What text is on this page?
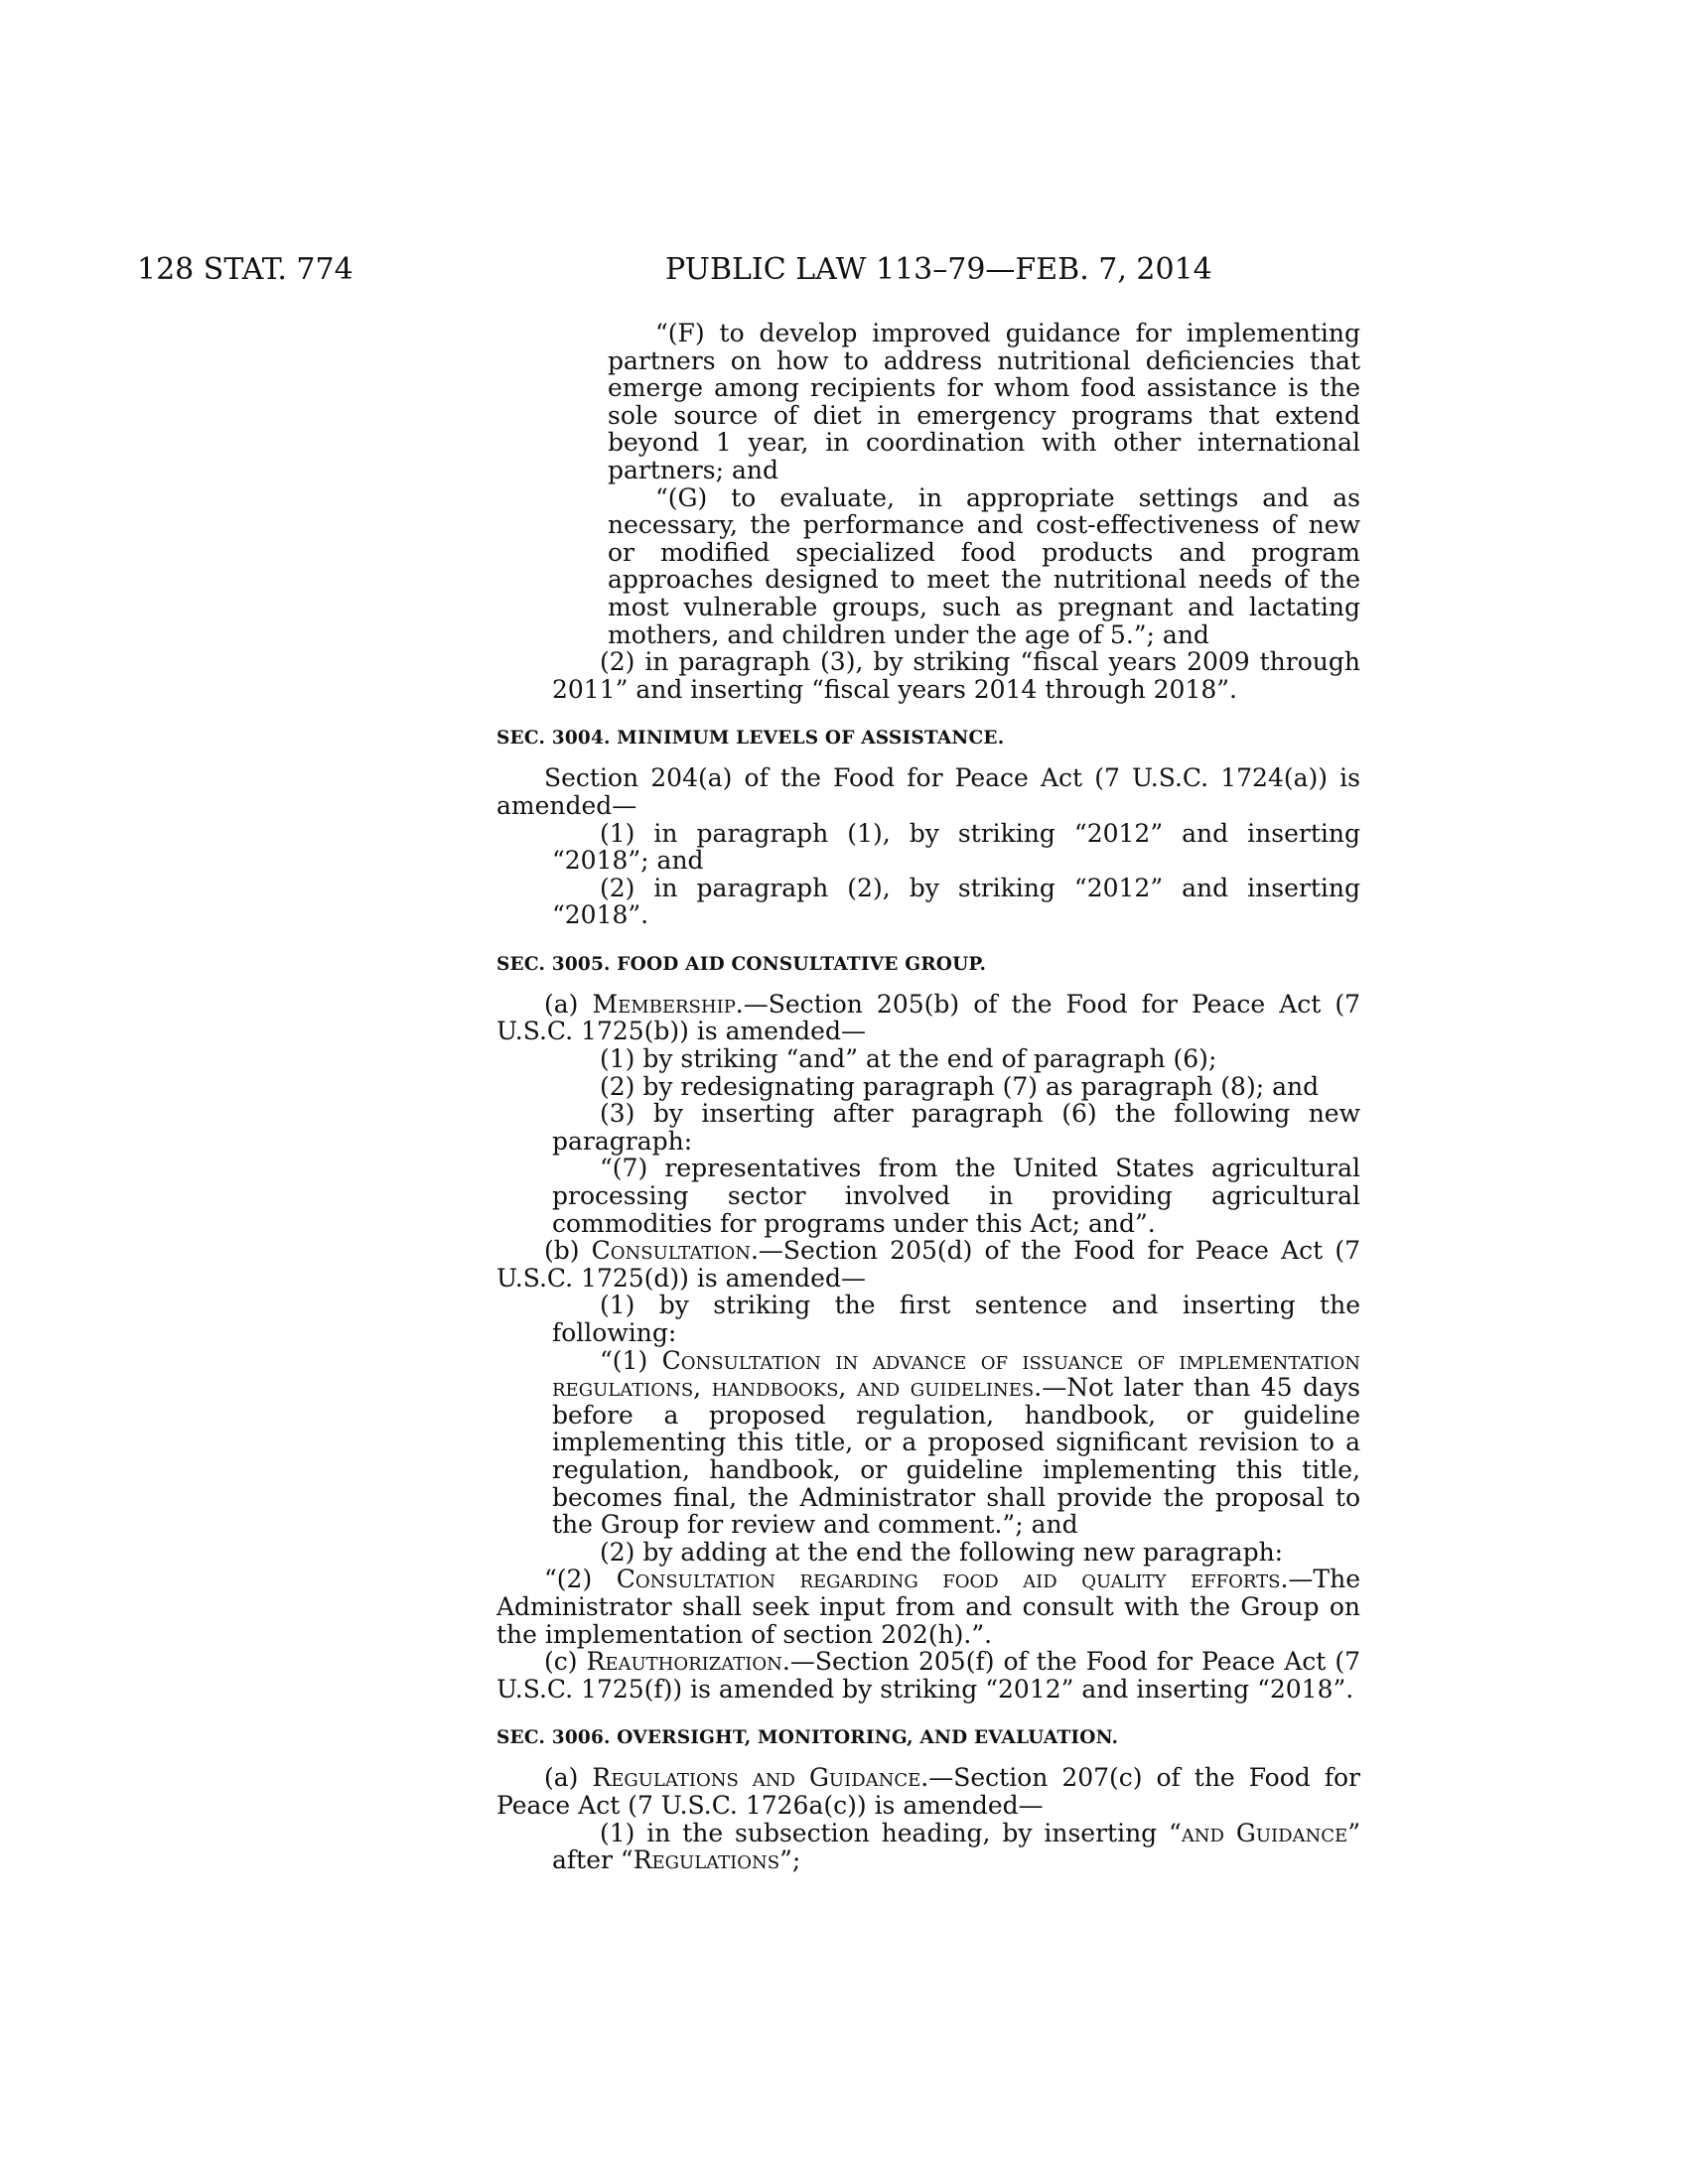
128 STAT. 774	PUBLIC LAW 113–79—FEB. 7, 2014

“(F) to develop improved guidance for implementing partners on how to address nutritional deficiencies that emerge among recipients for whom food assistance is the sole source of diet in emergency programs that extend beyond 1 year, in coordination with other international partners; and

“(G) to evaluate, in appropriate settings and as necessary, the performance and cost-effectiveness of new or modified specialized food products and program approaches designed to meet the nutritional needs of the most vulnerable groups, such as pregnant and lactating mothers, and children under the age of 5.”; and

(2) in paragraph (3), by striking “fiscal years 2009 through 2011” and inserting “fiscal years 2014 through 2018”.

SEC. 3004. MINIMUM LEVELS OF ASSISTANCE.

Section 204(a) of the Food for Peace Act (7 U.S.C. 1724(a)) is amended—

(1) in paragraph (1), by striking “2012” and inserting “2018”; and

(2) in paragraph (2), by striking “2012” and inserting “2018”.

SEC. 3005. FOOD AID CONSULTATIVE GROUP.

(a) Membership.—Section 205(b) of the Food for Peace Act (7 U.S.C. 1725(b)) is amended—

(1) by striking “and” at the end of paragraph (6);

(2) by redesignating paragraph (7) as paragraph (8); and

(3) by inserting after paragraph (6) the following new paragraph:

“(7) representatives from the United States agricultural processing sector involved in providing agricultural commodities for programs under this Act; and”.

(b) Consultation.—Section 205(d) of the Food for Peace Act (7 U.S.C. 1725(d)) is amended—

(1) by striking the first sentence and inserting the following:

“(1) Consultation in advance of issuance of implementation regulations, handbooks, and guidelines.—Not later than 45 days before a proposed regulation, handbook, or guideline implementing this title, or a proposed significant revision to a regulation, handbook, or guideline implementing this title, becomes final, the Administrator shall provide the proposal to the Group for review and comment.”; and

(2) by adding at the end the following new paragraph:

“(2) Consultation regarding food aid quality efforts.—The Administrator shall seek input from and consult with the Group on the implementation of section 202(h).”.

(c) Reauthorization.—Section 205(f) of the Food for Peace Act (7 U.S.C. 1725(f)) is amended by striking “2012” and inserting “2018”.

SEC. 3006. OVERSIGHT, MONITORING, AND EVALUATION.

(a) Regulations and Guidance.—Section 207(c) of the Food for Peace Act (7 U.S.C. 1726a(c)) is amended—

(1) in the subsection heading, by inserting “and Guidance” after “Regulations”;
